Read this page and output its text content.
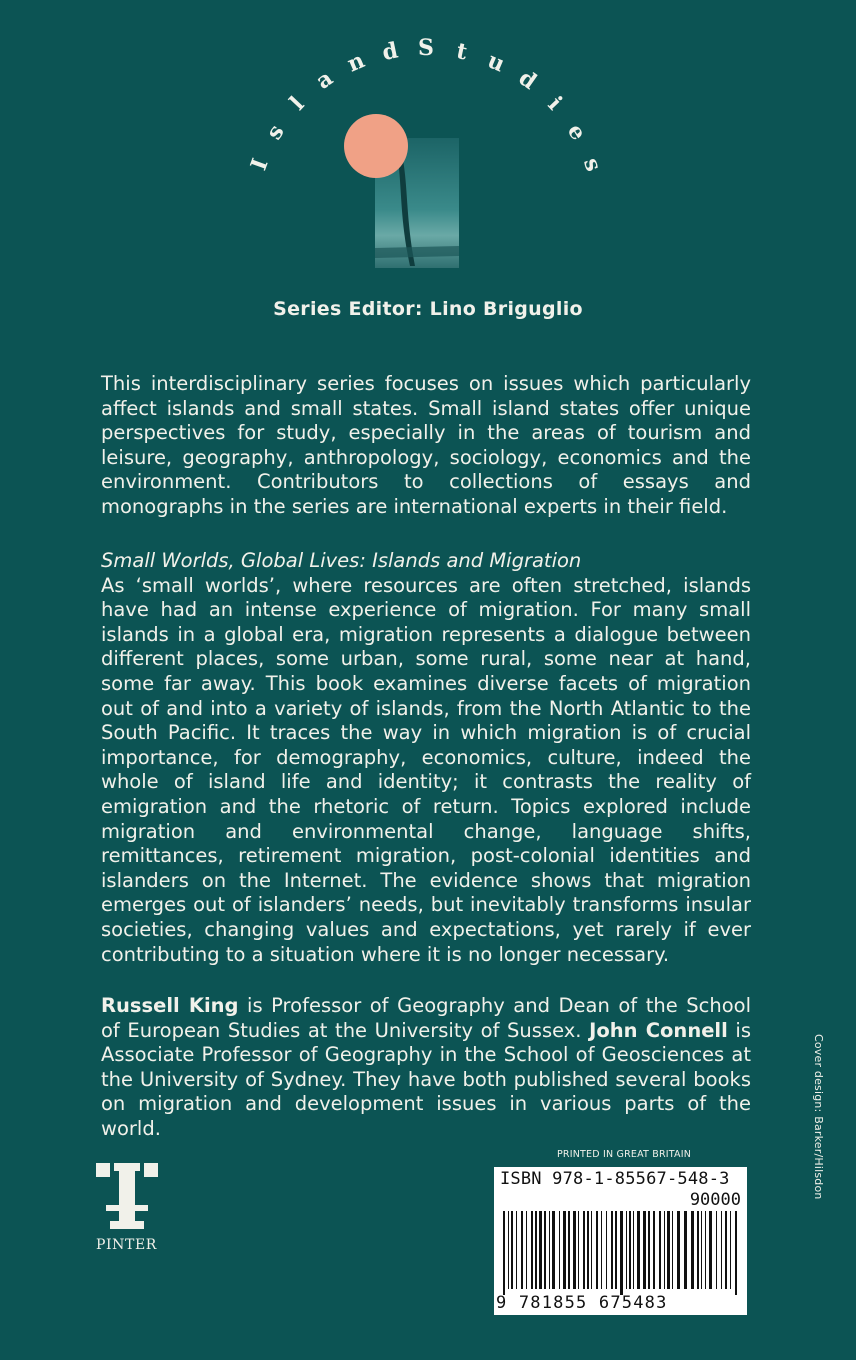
I
s
l
a
n d S t u
d
i
e
s
Series Editor: Lino Briguglio
This interdisciplinary series focuses on issues which particularly affect islands and small states. Small island states offer unique perspectives for study, especially in the areas of tourism and leisure, geography, anthropology, sociology, economics and the environment. Contributors to collections of essays and monographs in the series are international experts in their field.
Small Worlds, Global Lives: Islands and Migration
As ‘small worlds’, where resources are often stretched, islands have had an intense experience of migration. For many small islands in a global era, migration represents a dialogue between different places, some urban, some rural, some near at hand, some far away. This book examines diverse facets of migration out of and into a variety of islands, from the North Atlantic to the South Pacific. It traces the way in which migration is of crucial importance, for demography, economics, culture, indeed the whole of island life and identity; it contrasts the reality of emigration and the rhetoric of return. Topics explored include migration and environmental change, language shifts, remittances, retirement migration, post-colonial identities and islanders on the Internet. The evidence shows that migration emerges out of islanders’ needs, but inevitably transforms insular societies, changing values and expectations, yet rarely if ever contributing to a situation where it is no longer necessary.
Russell King is Professor of Geography and Dean of the School of European Studies at the University of Sussex. John Connell is Associate Professor of Geography in the School of Geosciences at the University of Sydney. They have both published several books on migration and development issues in various parts of the world.
PRINTED IN GREAT BRITAIN
ISBN 978-1-85567-548-3
90000
9 781855 675483
PINTER
Cover design: Barker/Hilsdon
